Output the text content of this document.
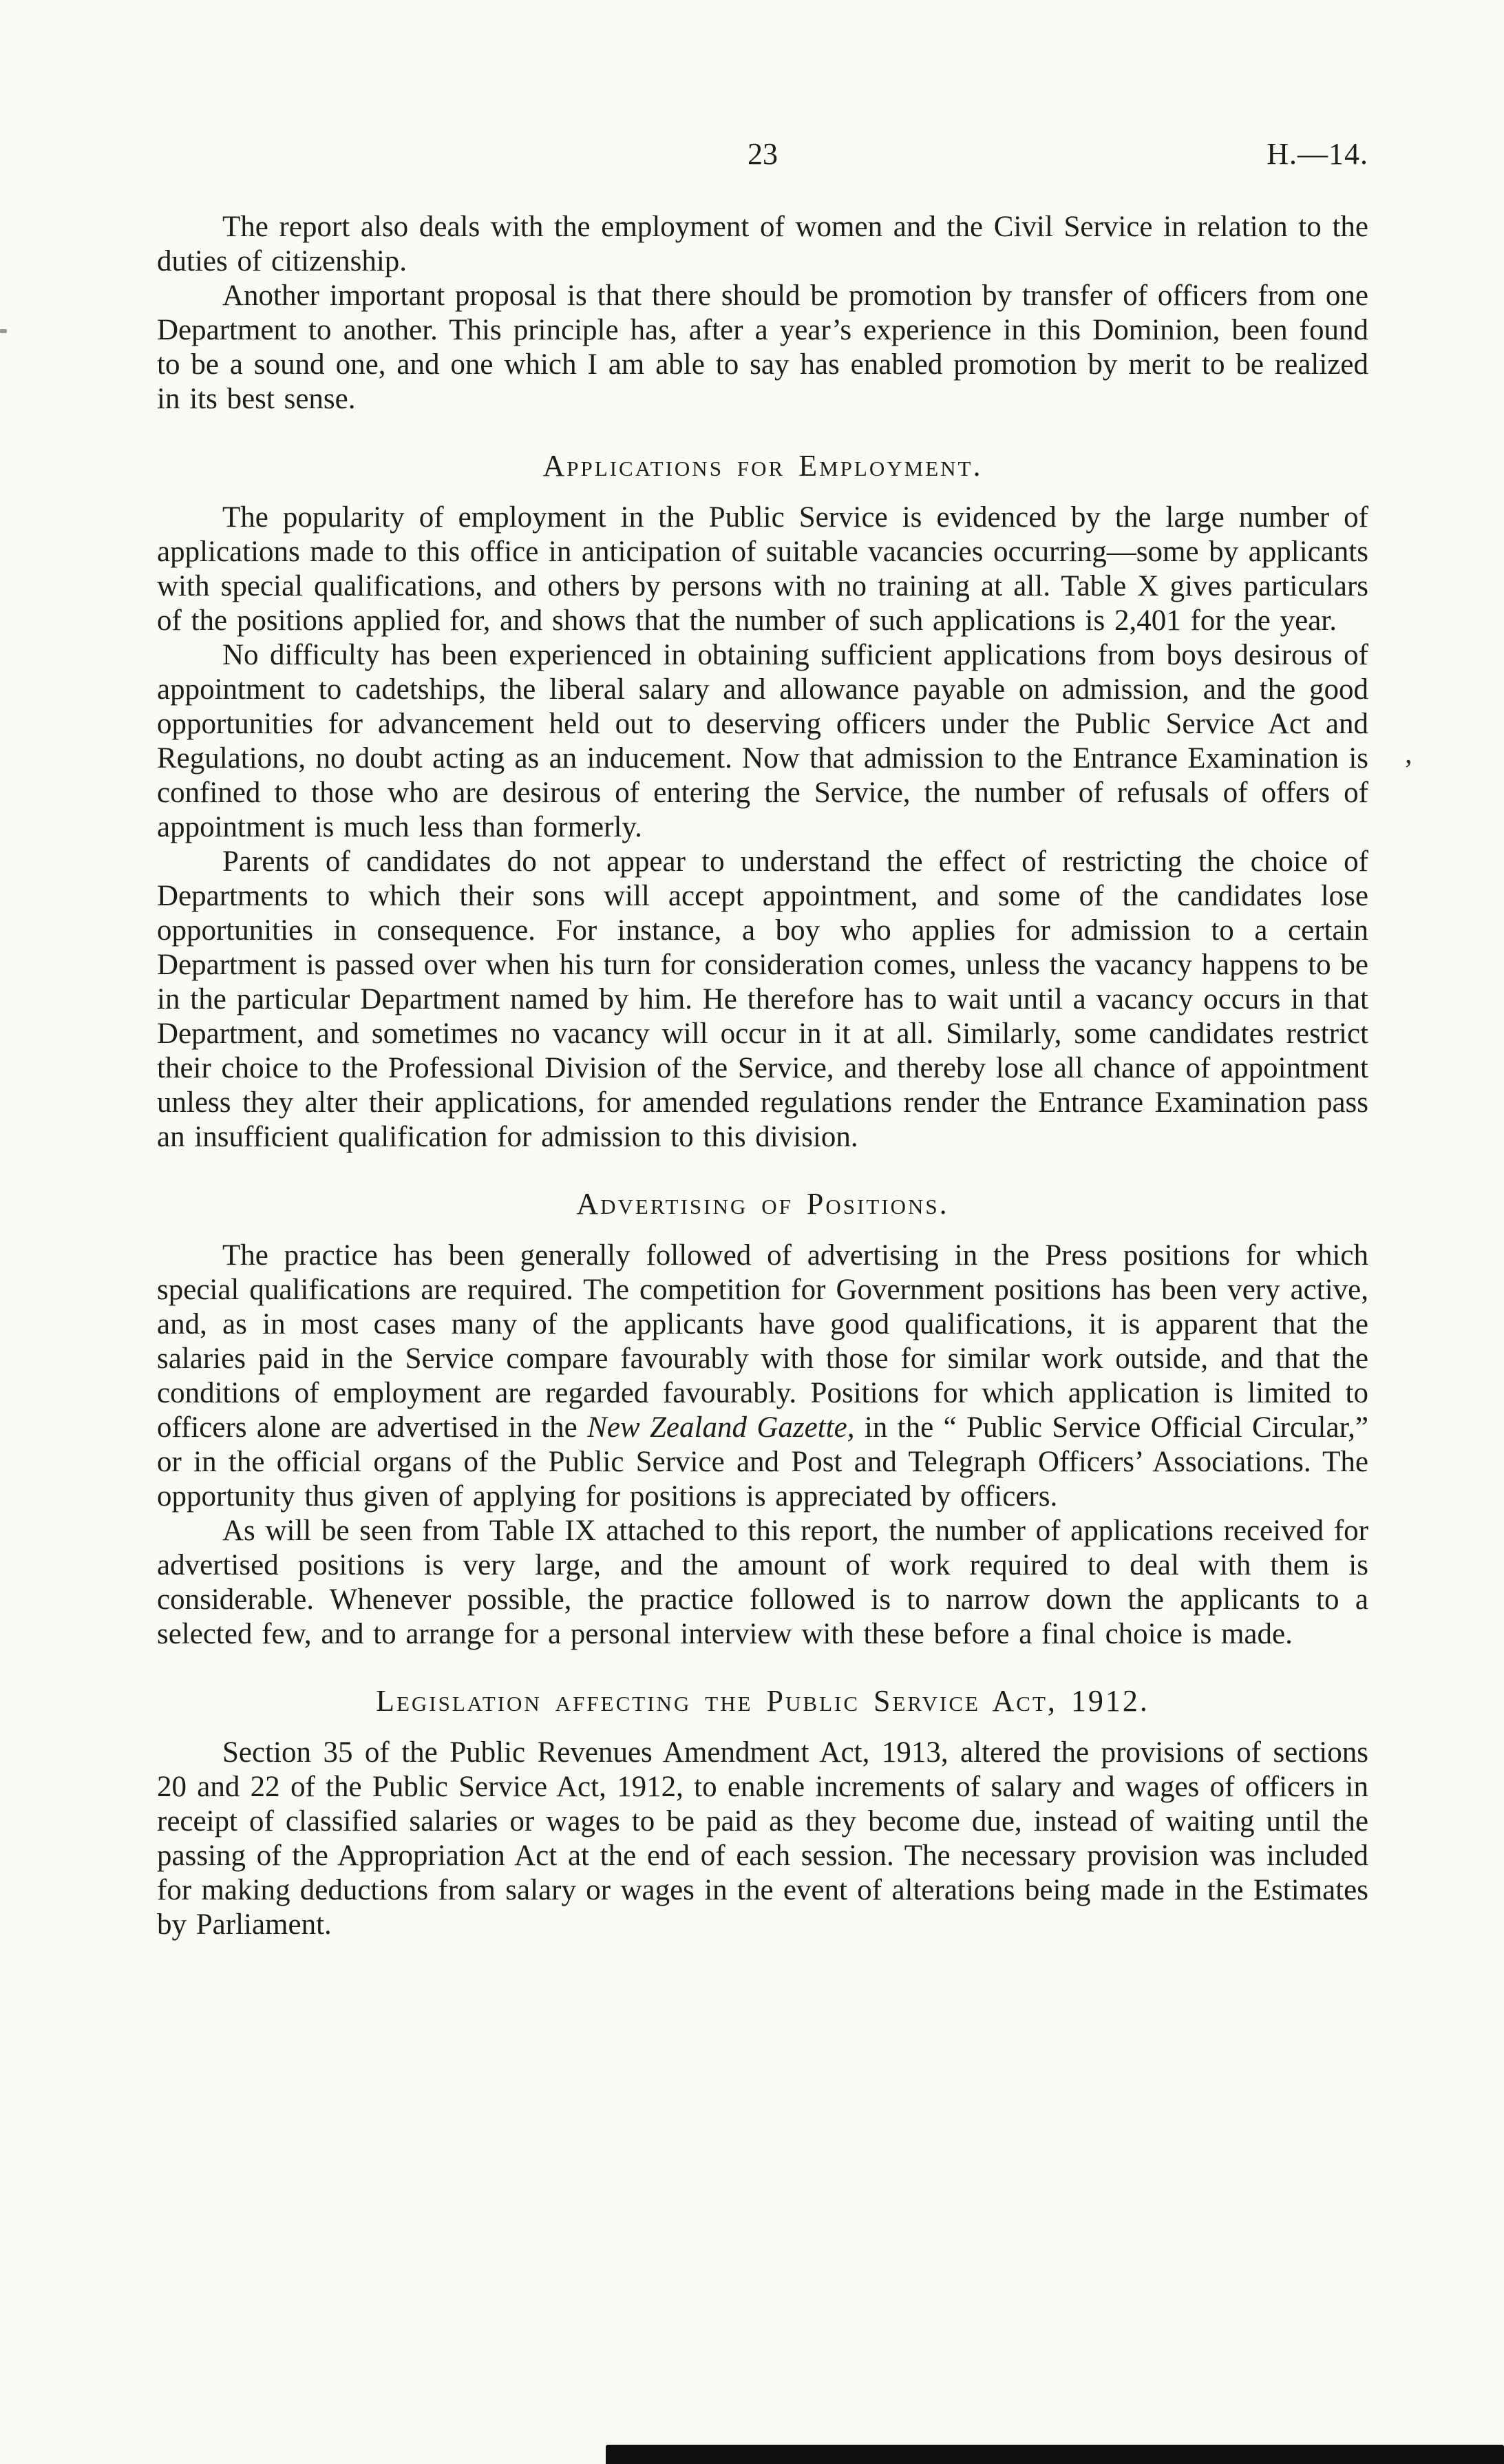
23	H.—14.

The report also deals with the employment of women and the Civil Service in relation to the duties of citizenship.

Another important proposal is that there should be promotion by transfer of officers from one Department to another. This principle has, after a year’s experience in this Dominion, been found to be a sound one, and one which I am able to say has enabled promotion by merit to be realized in its best sense.

Applications for Employment.

The popularity of employment in the Public Service is evidenced by the large number of applications made to this office in anticipation of suitable vacancies occurring—some by applicants with special qualifications, and others by persons with no training at all. Table X gives particulars of the positions applied for, and shows that the number of such applications is 2,401 for the year.

No difficulty has been experienced in obtaining sufficient applications from boys desirous of appointment to cadetships, the liberal salary and allowance payable on admission, and the good opportunities for advancement held out to deserving officers under the Public Service Act and Regulations, no doubt acting as an inducement. Now that admission to the Entrance Examination is confined to those who are desirous of entering the Service, the number of refusals of offers of appointment is much less than formerly.

Parents of candidates do not appear to understand the effect of restricting the choice of Departments to which their sons will accept appointment, and some of the candidates lose opportunities in consequence. For instance, a boy who applies for admission to a certain Department is passed over when his turn for consideration comes, unless the vacancy happens to be in the particular Department named by him. He therefore has to wait until a vacancy occurs in that Department, and sometimes no vacancy will occur in it at all. Similarly, some candidates restrict their choice to the Professional Division of the Service, and thereby lose all chance of appointment unless they alter their applications, for amended regulations render the Entrance Examination pass an insufficient qualification for admission to this division.

Advertising of Positions.

The practice has been generally followed of advertising in the Press positions for which special qualifications are required. The competition for Government positions has been very active, and, as in most cases many of the applicants have good qualifications, it is apparent that the salaries paid in the Service compare favourably with those for similar work outside, and that the conditions of employment are regarded favourably. Positions for which application is limited to officers alone are advertised in the New Zealand Gazette, in the “ Public Service Official Circular,” or in the official organs of the Public Service and Post and Telegraph Officers’ Associations. The opportunity thus given of applying for positions is appreciated by officers.

As will be seen from Table IX attached to this report, the number of applications received for advertised positions is very large, and the amount of work required to deal with them is considerable. Whenever possible, the practice followed is to narrow down the applicants to a selected few, and to arrange for a personal interview with these before a final choice is made.

Legislation affecting the Public Service Act, 1912.

Section 35 of the Public Revenues Amendment Act, 1913, altered the provisions of sections 20 and 22 of the Public Service Act, 1912, to enable increments of salary and wages of officers in receipt of classified salaries or wages to be paid as they become due, instead of waiting until the passing of the Appropriation Act at the end of each session. The necessary provision was included for making deductions from salary or wages in the event of alterations being made in the Estimates by Parliament.

’
